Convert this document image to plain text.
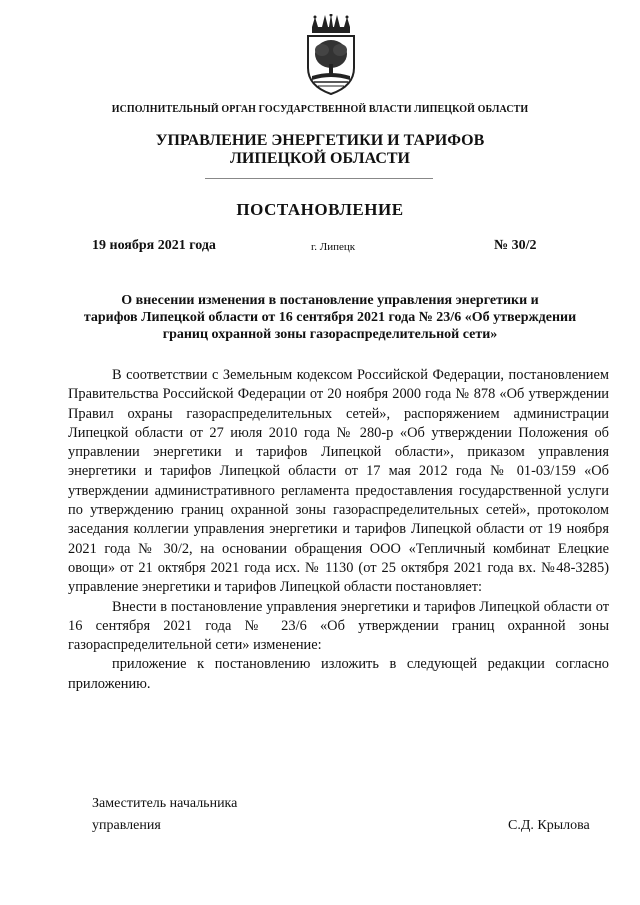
ИСПОЛНИТЕЛЬНЫЙ ОРГАН ГОСУДАРСТВЕННОЙ ВЛАСТИ ЛИПЕЦКОЙ ОБЛАСТИ
УПРАВЛЕНИЕ ЭНЕРГЕТИКИ И ТАРИФОВ
ЛИПЕЦКОЙ ОБЛАСТИ
ПОСТАНОВЛЕНИЕ
19 ноября 2021 года	г. Липецк	№ 30/2
О внесении изменения в постановление управления энергетики и
тарифов Липецкой области от 16 сентября 2021 года № 23/6 «Об утверждении
границ охранной зоны газораспределительной сети»

В соответствии с Земельным кодексом Российской Федерации, постановлением Правительства Российской Федерации от 20 ноября 2000 года № 878 «Об утверждении Правил охраны газораспределительных сетей», распоряжением администрации Липецкой области от 27 июля 2010 года № 280-р «Об утверждении Положения об управлении энергетики и тарифов Липецкой области», приказом управления энергетики и тарифов Липецкой области от 17 мая 2012 года № 01-03/159 «Об утверждении административного регламента предоставления государственной услуги по утверждению границ охранной зоны газораспределительных сетей», протоколом заседания коллегии управления энергетики и тарифов Липецкой области от 19 ноября 2021 года № 30/2, на основании обращения ООО «Тепличный комбинат Елецкие овощи» от 21 октября 2021 года исх. № 1130 (от 25 октября 2021 года вх. №48-3285) управление энергетики и тарифов Липецкой области постановляет:

Внести в постановление управления энергетики и тарифов Липецкой области от 16 сентября 2021 года № 23/6 «Об утверждении границ охранной зоны газораспределительной сети» изменение:

приложение к постановлению изложить в следующей редакции согласно приложению.

Заместитель начальника
управления	С.Д. Крылова
